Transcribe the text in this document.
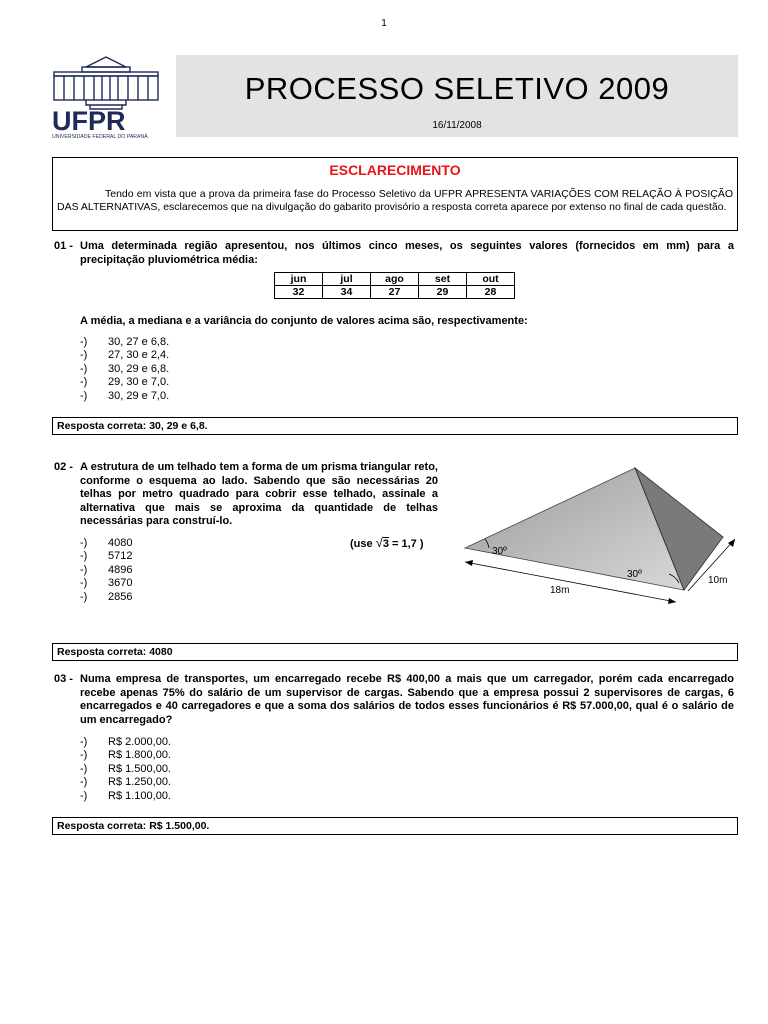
1
UFPR
UNIVERSIDADE FEDERAL DO PARANÁ
PROCESSO SELETIVO 2009
16/11/2008
ESCLARECIMENTO
Tendo em vista que a prova da primeira fase do Processo Seletivo da UFPR APRESENTA VARIAÇÕES COM RELAÇÃO À POSIÇÃO DAS ALTERNATIVAS, esclarecemos que na divulgação do gabarito provisório a resposta correta aparece por extenso no final de cada questão.
01 - Uma determinada região apresentou, nos últimos cinco meses, os seguintes valores (fornecidos em mm) para a precipitação pluviométrica média:
jun	jul	ago	set	out
32	34	27	29	28
A média, a mediana e a variância do conjunto de valores acima são, respectivamente:
-) 30, 27 e 6,8.
-) 27, 30 e 2,4.
-) 30, 29 e 6,8.
-) 29, 30 e 7,0.
-) 30, 29 e 7,0.
Resposta correta: 30, 29 e 6,8.
02 - A estrutura de um telhado tem a forma de um prisma triangular reto, conforme o esquema ao lado. Sabendo que são necessárias 20 telhas por metro quadrado para cobrir esse telhado, assinale a alternativa que mais se aproxima da quantidade de telhas necessárias para construí-lo.
-) 4080
-) 5712
-) 4896
-) 3670
-) 2856
(use √3 = 1,7 )
30º
30º
18m
10m
Resposta correta: 4080
03 - Numa empresa de transportes, um encarregado recebe R$ 400,00 a mais que um carregador, porém cada encarregado recebe apenas 75% do salário de um supervisor de cargas. Sabendo que a empresa possui 2 supervisores de cargas, 6 encarregados e 40 carregadores e que a soma dos salários de todos esses funcionários é R$ 57.000,00, qual é o salário de um encarregado?
-) R$ 2.000,00.
-) R$ 1.800,00.
-) R$ 1.500,00.
-) R$ 1.250,00.
-) R$ 1.100,00.
Resposta correta: R$ 1.500,00.
